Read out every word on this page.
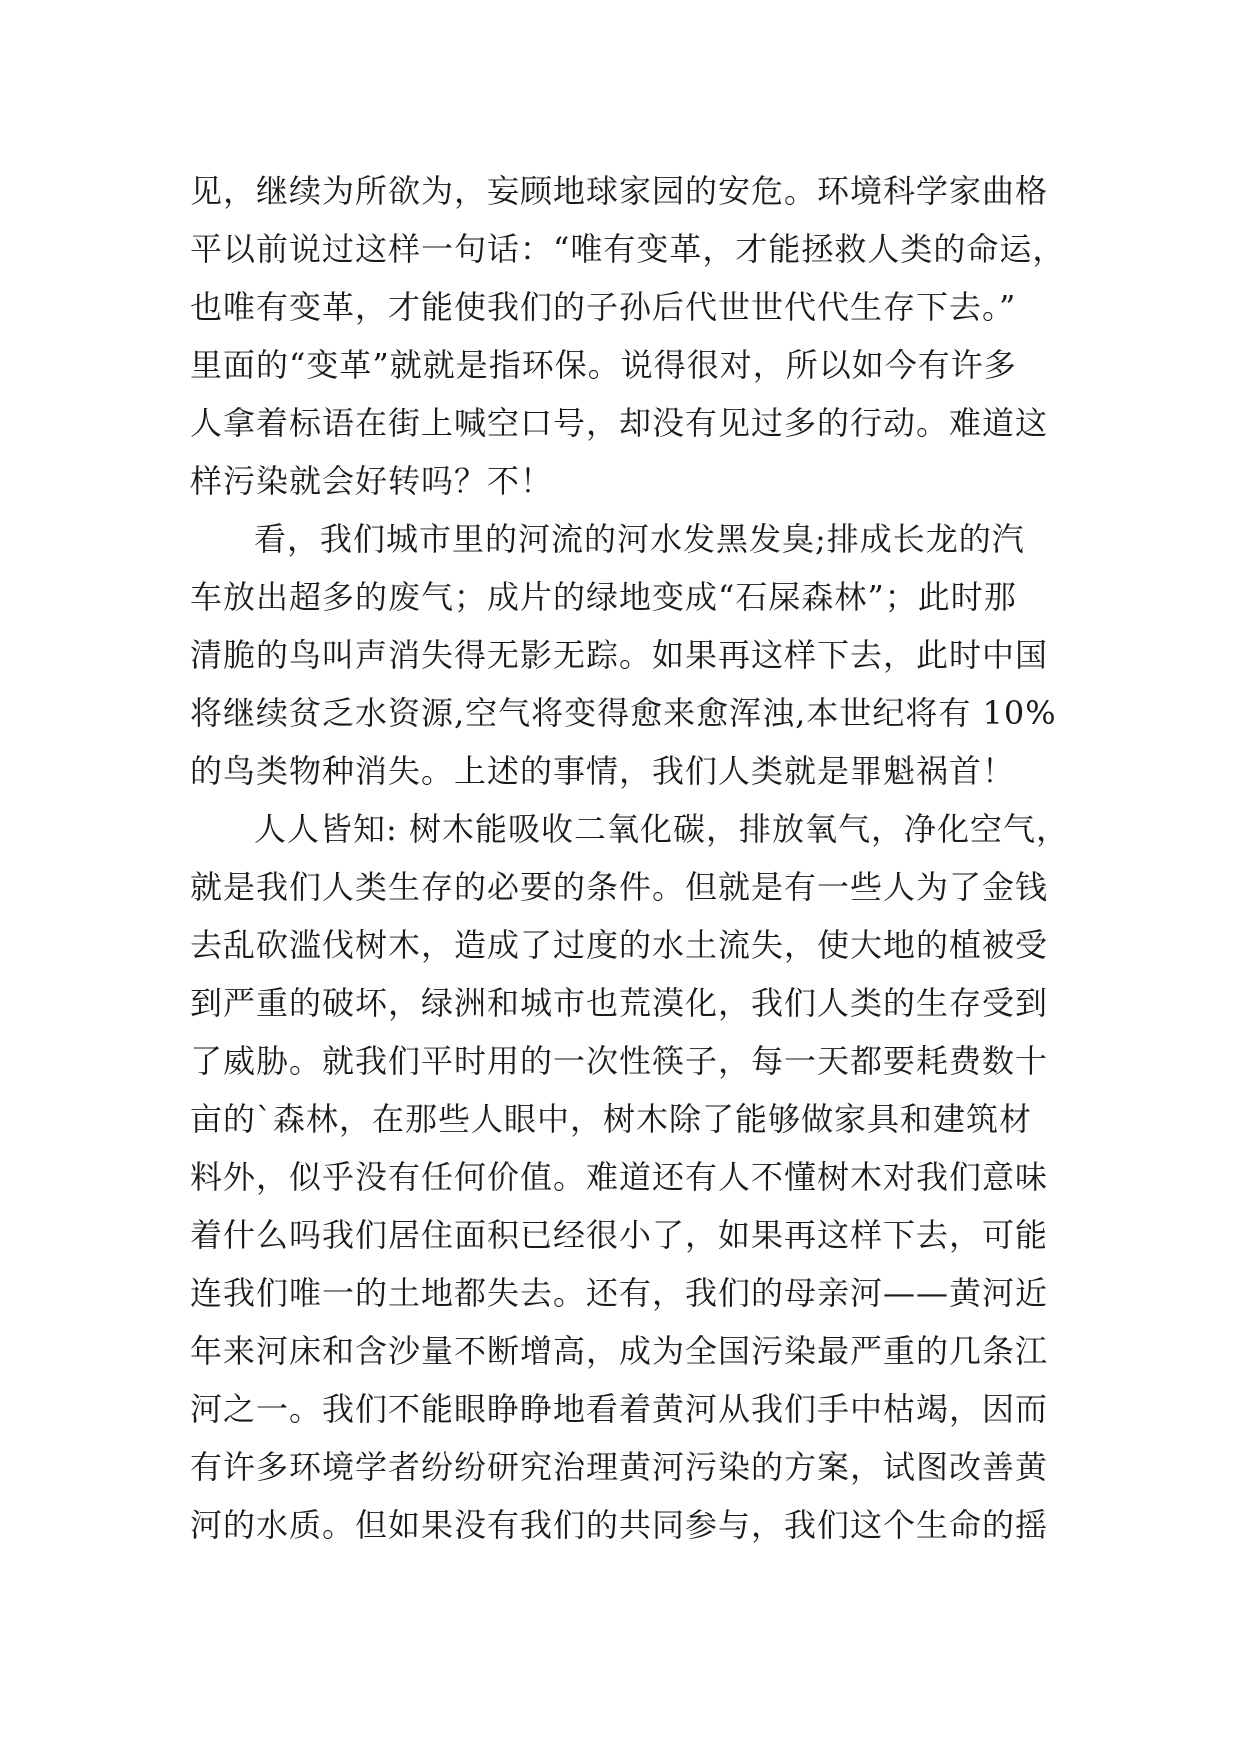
见，继续为所欲为，妄顾地球家园的安危。环境科学家曲格
平以前说过这样一句话：“唯有变革，才能拯救人类的命运，
也唯有变革，才能使我们的子孙后代世世代代生存下去。”
里面的“变革”就就是指环保。说得很对，所以如今有许多
人拿着标语在街上喊空口号，却没有见过多的行动。难道这
样污染就会好转吗？不！
看，我们城市里的河流的河水发黑发臭;排成长龙的汽
车放出超多的废气；成片的绿地变成“石屎森林”；此时那
清脆的鸟叫声消失得无影无踪。如果再这样下去，此时中国
将继续贫乏水资源,空气将变得愈来愈浑浊,本世纪将有 10%
的鸟类物种消失。上述的事情，我们人类就是罪魁祸首！
人人皆知: 树木能吸收二氧化碳，排放氧气，净化空气，
就是我们人类生存的必要的条件。但就是有一些人为了金钱
去乱砍滥伐树木，造成了过度的水土流失，使大地的植被受
到严重的破坏，绿洲和城市也荒漠化，我们人类的生存受到
了威胁。就我们平时用的一次性筷子，每一天都要耗费数十
亩的`森林，在那些人眼中，树木除了能够做家具和建筑材
料外，似乎没有任何价值。难道还有人不懂树木对我们意味
着什么吗我们居住面积已经很小了，如果再这样下去，可能
连我们唯一的土地都失去。还有，我们的母亲河——黄河近
年来河床和含沙量不断增高，成为全国污染最严重的几条江
河之一。我们不能眼睁睁地看着黄河从我们手中枯竭，因而
有许多环境学者纷纷研究治理黄河污染的方案，试图改善黄
河的水质。但如果没有我们的共同参与，我们这个生命的摇
